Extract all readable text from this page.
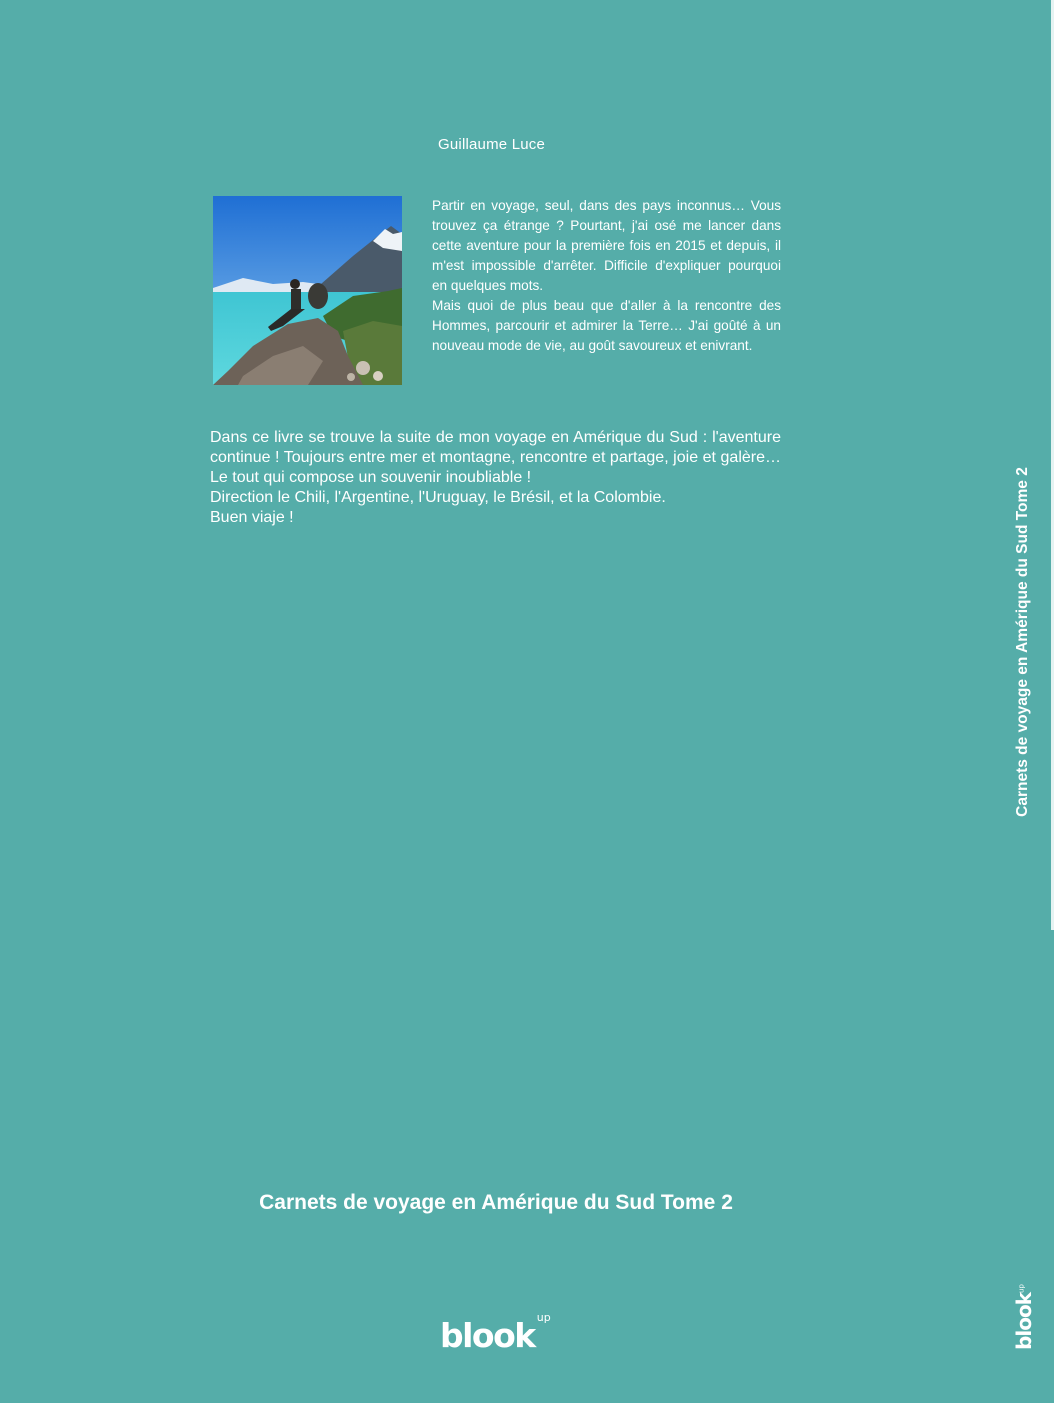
Guillaume Luce

Partir en voyage, seul, dans des pays inconnus… Vous trouvez ça étrange ? Pourtant, j'ai osé me lancer dans cette aventure pour la première fois en 2015 et depuis, il m'est impossible d'arrêter. Difficile d'expliquer pourquoi en quelques mots.

Mais quoi de plus beau que d'aller à la rencontre des Hommes, parcourir et admirer la Terre… J'ai goûté à un nouveau mode de vie, au goût savoureux et enivrant.

Dans ce livre se trouve la suite de mon voyage en Amérique du Sud : l'aventure continue ! Toujours entre mer et montagne, rencontre et partage, joie et galère… Le tout qui compose un souvenir inoubliable !

Direction le Chili, l'Argentine, l'Uruguay, le Brésil, et la Colombie.

Buen viaje !

Carnets de voyage en Amérique du Sud Tome 2
blook $^{up}$
Carnets de voyage en Amérique du Sud Tome 2
blook$^{up}$
